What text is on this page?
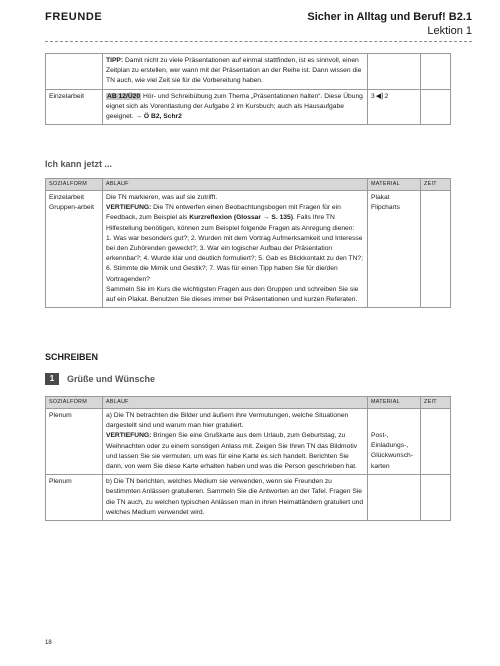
FREUNDE	Sicher in Alltag und Beruf! B2.1
Lektion 1
	TIPP: Damit nicht zu viele Präsentationen auf einmal stattfinden, ist es sinnvoll, einen Zeitplan zu erstellen, wer wann mit der Präsentation an der Reihe ist. Dann wissen die TN auch, wie viel Zeit sie für die Vorbereitung haben.		
Einzelarbeit	AB 12/Ü20 Hör- und Schreibübung zum Thema „Präsentationen halten“. Diese Übung eignet sich als Vorentlastung der Aufgabe 2 im Kursbuch; auch als Hausaufgabe geeignet. → Ö B2, Schr2	3 ◀) 2	

Ich kann jetzt ...
SOZIALFORM	ABLAUF	MATERIAL	ZEIT
Einzelarbeit Gruppen-arbeit	Die TN markieren, was auf sie zutrifft.
VERTIEFUNG: Die TN entwerfen einen Beobachtungsbogen mit Fragen für ein Feedback, zum Beispiel als Kurzreflexion (Glossar → S. 135). Falls Ihre TN Hilfestellung benötigen, können zum Beispiel folgende Fragen als Anregung dienen:
1. Was war besonders gut?; 2. Wurden mit dem Vortrag Aufmerksamkeit und Interesse bei den Zuhörenden geweckt?; 3. War ein logischer Aufbau der Präsentation erkennbar?; 4. Wurde klar und deutlich formuliert?; 5. Gab es Blickkontakt zu den TN?; 6. Stimmte die Mimik und Gestik?; 7. Was für einen Tipp haben Sie für die/den Vortragenden?
Sammeln Sie im Kurs die wichtigsten Fragen aus den Gruppen und schreiben Sie sie auf ein Plakat. Benutzen Sie dieses immer bei Präsentationen und kurzen Referaten.	Plakat Flipcharts	
SCHREIBEN
1	Grüße und Wünsche
SOZIALFORM	ABLAUF	MATERIAL	ZEIT
Plenum	a) Die TN betrachten die Bilder und äußern ihre Vermutungen, welche Situationen dargestellt sind und warum man hier gratuliert.
VERTIEFUNG: Bringen Sie eine Grußkarte aus dem Urlaub, zum Geburtstag, zu Weihnachten oder zu einem sonstigen Anlass mit. Zeigen Sie Ihren TN das Bildmotiv und lassen Sie sie vermuten, um was für eine Karte es sich handelt. Berichten Sie dann, von wem Sie diese Karte erhalten haben und was die Person geschrieben hat.	Post-, Einladungs-, Glückwunsch-karten	
Plenum	b) Die TN berichten, welches Medium sie verwenden, wenn sie Freunden zu bestimmten Anlässen gratulieren. Sammeln Sie die Antworten an der Tafel. Fragen Sie die TN auch, zu welchen typischen Anlässen man in ihren Heimatländern gratuliert und welches Medium verwendet wird.		
18
